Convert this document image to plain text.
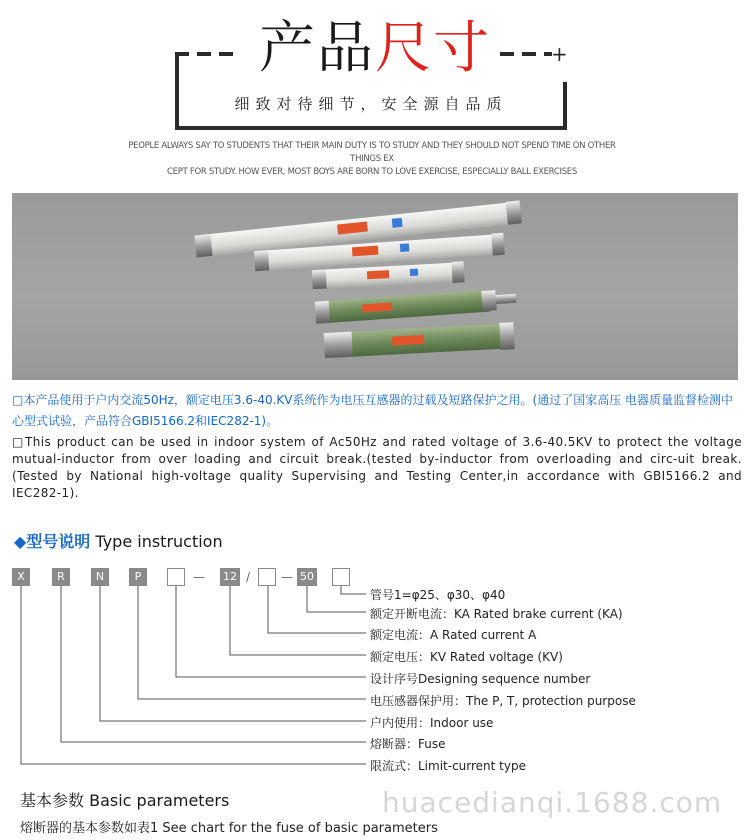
+
产品尺寸
细致对待细节，安全源自品质
PEOPLE ALWAYS SAY TO STUDENTS THAT THEIR MAIN DUTY IS TO STUDY AND THEY SHOULD NOT SPEND TIME ON OTHER THINGS EX
CEPT FOR STUDY. HOW EVER, MOST BOYS ARE BORN TO LOVE EXERCISE, ESPECIALLY BALL EXERCISES
□本产品使用于户内交流50Hz，额定电压3.6-40.KV系统作为电压互感器的过载及短路保护之用。(通过了国家高压 电器质量监督检测中心型式试验，产品符合GBI5166.2和IEC282-1)。
□This product can be used in indoor system of Ac50Hz and rated voltage of 3.6-40.5KV to protect the voltage mutual-inductor from over loading and circuit break.(tested by-inductor from overloading and circ-uit break.(Tested by National high-voltage quality Supervising and Testing Center,in accordance with GBI5166.2 and IEC282-1).
◆型号说明 Type instruction
X	R	N	P	— 12 /	— 50
管号1=φ25、φ30、φ40
额定开断电流：KA Rated brake current (KA)
额定电流：A Rated current A
额定电压：KV Rated voltage (KV)
设计序号Designing sequence number
电压感器保护用：The P, T, protection purpose
户内使用：Indoor use
熔断器：Fuse
限流式：Limit-current type
huacedianqi.1688.com
基本参数 Basic parameters
熔断器的基本参数如表1 See chart for the fuse of basic parameters
